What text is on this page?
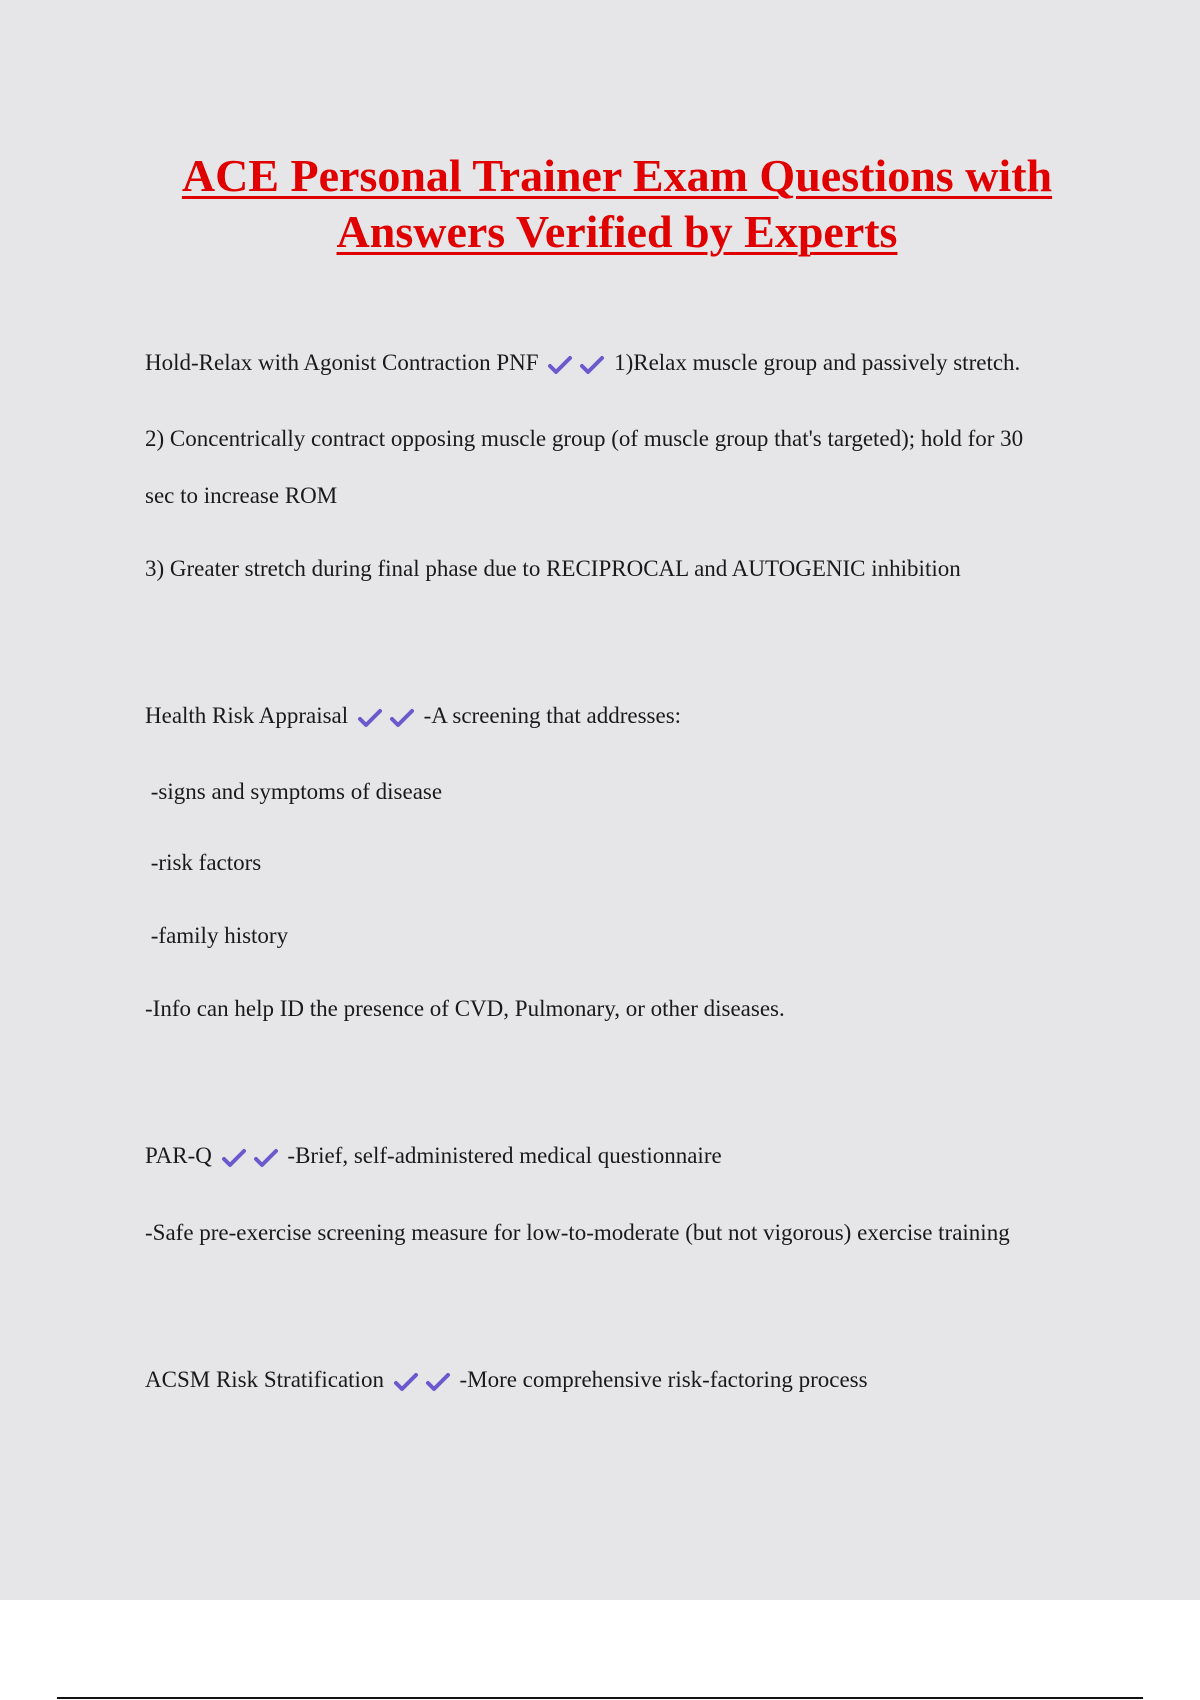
ACE Personal Trainer Exam Questions with
Answers Verified by Experts
Hold-Relax with Agonist Contraction PNF	1)Relax muscle group and passively stretch.
2) Concentrically contract opposing muscle group (of muscle group that's targeted); hold for 30
sec to increase ROM
3) Greater stretch during final phase due to RECIPROCAL and AUTOGENIC inhibition
Health Risk Appraisal	-A screening that addresses:
-signs and symptoms of disease
-risk factors
-family history
-Info can help ID the presence of CVD, Pulmonary, or other diseases.
PAR-Q	-Brief, self-administered medical questionnaire
-Safe pre-exercise screening measure for low-to-moderate (but not vigorous) exercise training
ACSM Risk Stratification	-More comprehensive risk-factoring process
